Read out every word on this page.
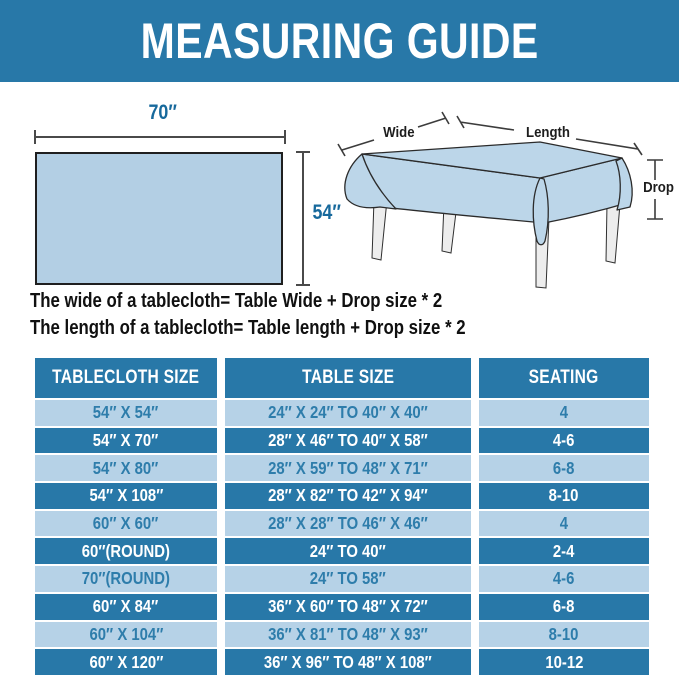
MEASURING GUIDE
70″
54″
Wide	Length
Drop
The wide of a tablecloth= Table Wide + Drop size * 2
The length of a tablecloth= Table length + Drop size * 2
TABLECLOTH SIZE	TABLE SIZE	SEATING
54″ X 54″	24″ X 24″ TO 40″ X 40″	4
54″ X 70″	28″ X 46″ TO 40″ X 58″	4-6
54″ X 80″	28″ X 59″ TO 48″ X 71″	6-8
54″ X 108″	28″ X 82″ TO 42″ X 94″	8-10
60″ X 60″	28″ X 28″ TO 46″ X 46″	4
60″(ROUND)	24″ TO 40″	2-4
70″(ROUND)	24″ TO 58″	4-6
60″ X 84″	36″ X 60″ TO 48″ X 72″	6-8
60″ X 104″	36″ X 81″ TO 48″ X 93″	8-10
60″ X 120″	36″ X 96″ TO 48″ X 108″	10-12
